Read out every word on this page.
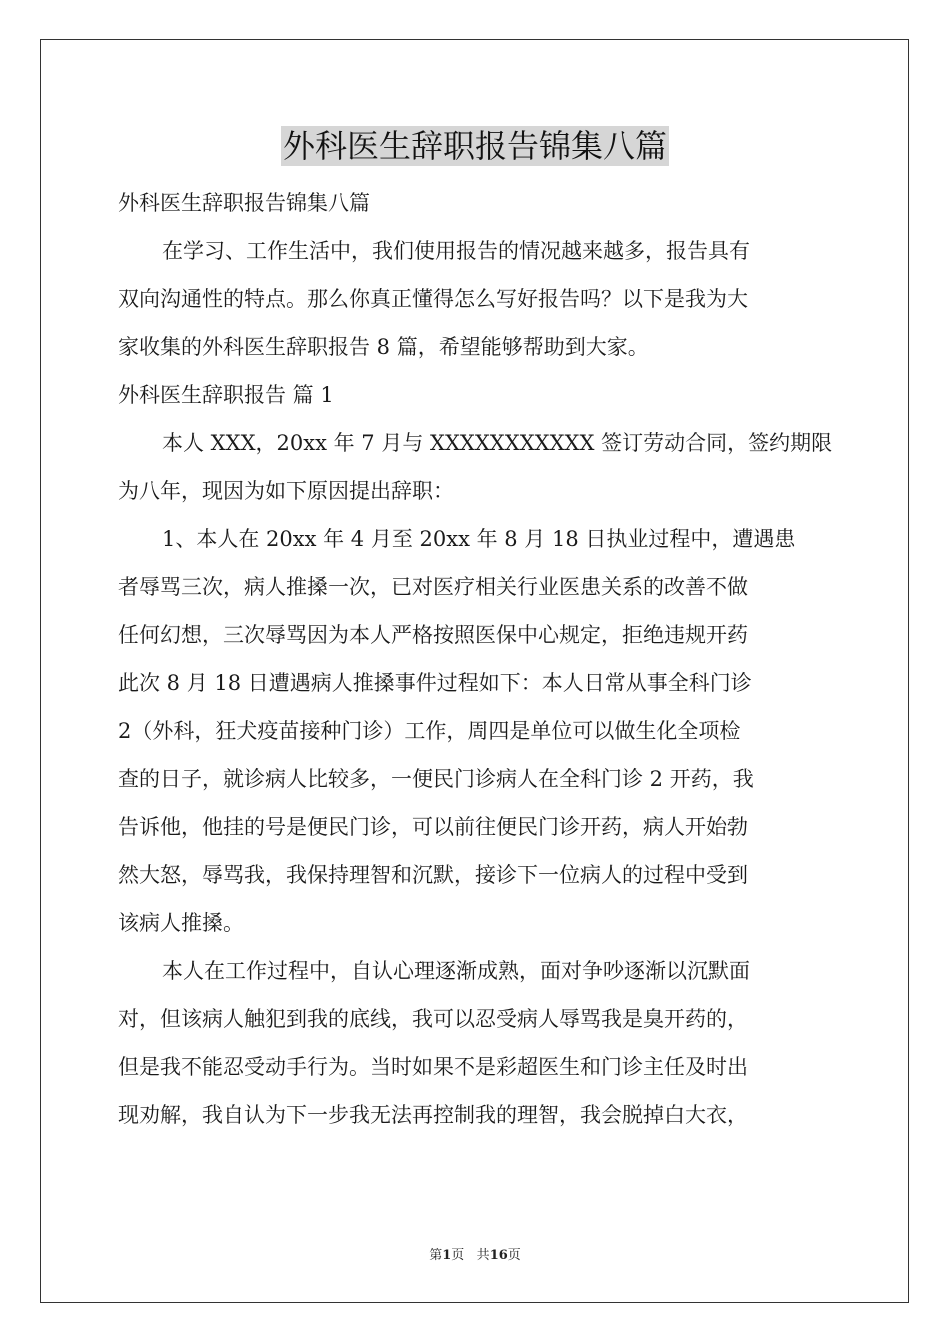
外科医生辞职报告锦集八篇
外科医生辞职报告锦集八篇
在学习、工作生活中，我们使用报告的情况越来越多，报告具有
双向沟通性的特点。那么你真正懂得怎么写好报告吗？以下是我为大
家收集的外科医生辞职报告 8 篇，希望能够帮助到大家。
外科医生辞职报告 篇 1
本人 XXX，20xx 年 7 月与 XXXXXXXXXXX 签订劳动合同，签约期限
为八年，现因为如下原因提出辞职：
1、本人在 20xx 年 4 月至 20xx 年 8 月 18 日执业过程中，遭遇患
者辱骂三次，病人推搡一次，已对医疗相关行业医患关系的改善不做
任何幻想，三次辱骂因为本人严格按照医保中心规定，拒绝违规开药
此次 8 月 18 日遭遇病人推搡事件过程如下：本人日常从事全科门诊
2（外科，狂犬疫苗接种门诊）工作，周四是单位可以做生化全项检
查的日子，就诊病人比较多，一便民门诊病人在全科门诊 2 开药，我
告诉他，他挂的号是便民门诊，可以前往便民门诊开药，病人开始勃
然大怒，辱骂我，我保持理智和沉默，接诊下一位病人的过程中受到
该病人推搡。
本人在工作过程中，自认心理逐渐成熟，面对争吵逐渐以沉默面
对，但该病人触犯到我的底线，我可以忍受病人辱骂我是臭开药的，
但是我不能忍受动手行为。当时如果不是彩超医生和门诊主任及时出
现劝解，我自认为下一步我无法再控制我的理智，我会脱掉白大衣，
第1页 共16页
